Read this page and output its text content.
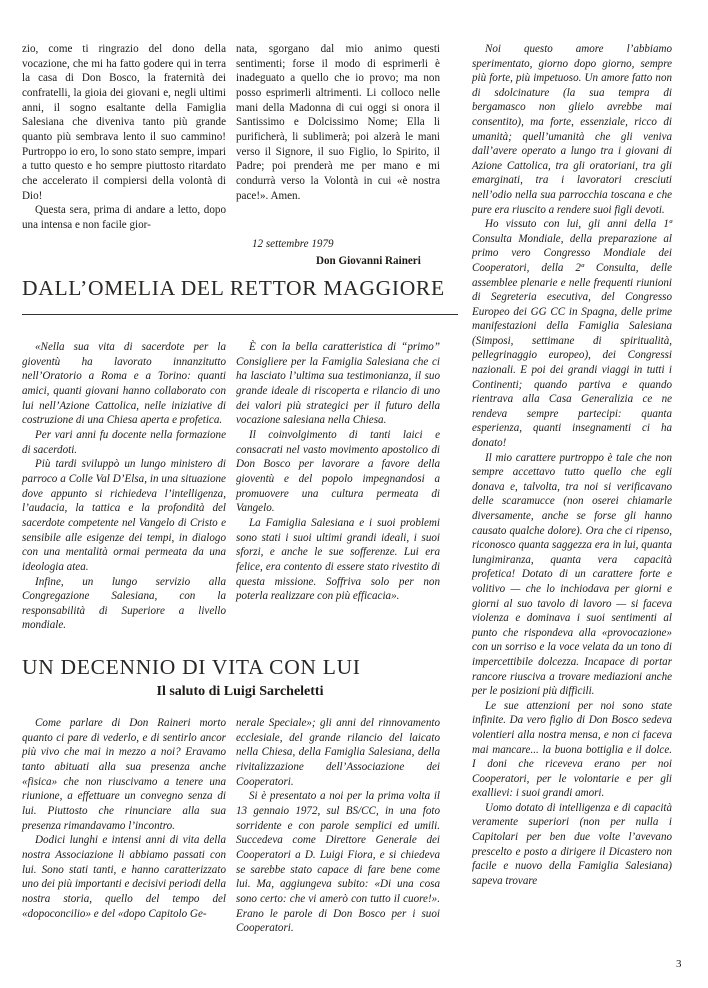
zio, come ti ringrazio del dono della vocazione, che mi ha fatto godere qui in terra la casa di Don Bosco, la fraternità dei confratelli, la gioia dei giovani e, negli ultimi anni, il sogno esaltante della Famiglia Salesiana che diveniva tanto più grande quanto più sembrava lento il suo cammino! Purtroppo io ero, lo sono stato sempre, impari a tutto questo e ho sempre piuttosto ritardato che accelerato il compiersi della volontà di Dio!

Questa sera, prima di andare a letto, dopo una intensa e non facile gior-

nata, sgorgano dal mio animo questi sentimenti; forse il modo di esprimerli è inadeguato a quello che io provo; ma non posso esprimerli altrimenti. Li colloco nelle mani della Madonna di cui oggi si onora il Santissimo e Dolcissimo Nome; Ella li purificherà, li sublimerà; poi alzerà le mani verso il Signore, il suo Figlio, lo Spirito, il Padre; poi prenderà me per mano e mi condurrà verso la Volontà in cui «è nostra pace!». Amen.

12 settembre 1979
Don Giovanni Raineri
DALL’OMELIA DEL RETTOR MAGGIORE

«Nella sua vita di sacerdote per la gioventù ha lavorato innanzitutto nell’Oratorio a Roma e a Torino: quanti amici, quanti giovani hanno collaborato con lui nell’Azione Cattolica, nelle iniziative di costruzione di una Chiesa aperta e profetica.

Per vari anni fu docente nella formazione di sacerdoti.

Più tardi sviluppò un lungo ministero di parroco a Colle Val D’Elsa, in una situazione dove appunto si richiedeva l’intelligenza, l’audacia, la tattica e la profondità del sacerdote competente nel Vangelo di Cristo e sensibile alle esigenze dei tempi, in dialogo con una mentalità ormai permeata da una ideologia atea.

Infine, un lungo servizio alla Congregazione Salesiana, con la responsabilità di Superiore a livello mondiale.

È con la bella caratteristica di “primo” Consigliere per la Famiglia Salesiana che ci ha lasciato l’ultima sua testimonianza, il suo grande ideale di riscoperta e rilancio di uno dei valori più strategici per il futuro della vocazione salesiana nella Chiesa.

Il coinvolgimento di tanti laici e consacrati nel vasto movimento apostolico di Don Bosco per lavorare a favore della gioventù e del popolo impegnandosi a promuovere una cultura permeata di Vangelo.

La Famiglia Salesiana e i suoi problemi sono stati i suoi ultimi grandi ideali, i suoi sforzi, e anche le sue sofferenze. Lui era felice, era contento di essere stato rivestito di questa missione. Soffriva solo per non poterla realizzare con più efficacia».

UN DECENNIO DI VITA CON LUI
Il saluto di Luigi Sarcheletti

Come parlare di Don Raineri morto quanto ci pare di vederlo, e di sentirlo ancor più vivo che mai in mezzo a noi? Eravamo tanto abituati alla sua presenza anche «fisica» che non riuscivamo a tenere una riunione, a effettuare un convegno senza di lui. Piuttosto che rinunciare alla sua presenza rimandavamo l’incontro.

Dodici lunghi e intensi anni di vita della nostra Associazione li abbiamo passati con lui. Sono stati tanti, e hanno caratterizzato uno dei più importanti e decisivi periodi della nostra storia, quello del tempo del «dopoconcilio» e del «dopo Capitolo Ge-

nerale Speciale»; gli anni del rinnovamento ecclesiale, del grande rilancio del laicato nella Chiesa, della Famiglia Salesiana, della rivitalizzazione dell’Associazione dei Cooperatori.

Si è presentato a noi per la prima volta il 13 gennaio 1972, sul BS/CC, in una foto sorridente e con parole semplici ed umili. Succedeva come Direttore Generale dei Cooperatori a D. Luigi Fiora, e si chiedeva se sarebbe stato capace di fare bene come lui. Ma, aggiungeva subito: «Di una cosa sono certo: che vi amerò con tutto il cuore!». Erano le parole di Don Bosco per i suoi Cooperatori.

Noi questo amore l’abbiamo sperimentato, giorno dopo giorno, sempre più forte, più impetuoso. Un amore fatto non di sdolcinature (la sua tempra di bergamasco non glielo avrebbe mai consentito), ma forte, essenziale, ricco di umanità; quell’umanità che gli veniva dall’avere operato a lungo tra i giovani di Azione Cattolica, tra gli oratoriani, tra gli emarginati, tra i lavoratori cresciuti nell’odio nella sua parrocchia toscana e che pure era riuscito a rendere suoi figli devoti.

Ho vissuto con lui, gli anni della 1ª Consulta Mondiale, della preparazione al primo vero Congresso Mondiale dei Cooperatori, della 2ª Consulta, delle assemblee plenarie e nelle frequenti riunioni di Segreteria esecutiva, del Congresso Europeo dei GG CC in Spagna, delle prime manifestazioni della Famiglia Salesiana (Simposi, settimane di spiritualità, pellegrinaggio europeo), dei Congressi nazionali. E poi dei grandi viaggi in tutti i Continenti; quando partiva e quando rientrava alla Casa Generalizia ce ne rendeva sempre partecipi: quanta esperienza, quanti insegnamenti ci ha donato!

Il mio carattere purtroppo è tale che non sempre accettavo tutto quello che egli donava e, talvolta, tra noi si verificavano delle scaramucce (non oserei chiamarle diversamente, anche se forse gli hanno causato qualche dolore). Ora che ci ripenso, riconosco quanta saggezza era in lui, quanta lungimiranza, quanta vera capacità profetica! Dotato di un carattere forte e volitivo — che lo inchiodava per giorni e giorni al suo tavolo di lavoro — si faceva violenza e dominava i suoi sentimenti al punto che rispondeva alla «provocazione» con un sorriso e la voce velata da un tono di impercettibile dolcezza. Incapace di portar rancore riusciva a trovare mediazioni anche per le posizioni più difficili.

Le sue attenzioni per noi sono state infinite. Da vero figlio di Don Bosco sedeva volentieri alla nostra mensa, e non ci faceva mai mancare... la buona bottiglia e il dolce. I doni che riceveva erano per noi Cooperatori, per le volontarie e per gli exallievi: i suoi grandi amori.

Uomo dotato di intelligenza e di capacità veramente superiori (non per nulla i Capitolari per ben due volte l’avevano prescelto e posto a dirigere il Dicastero non facile e nuovo della Famiglia Salesiana) sapeva trovare

3
